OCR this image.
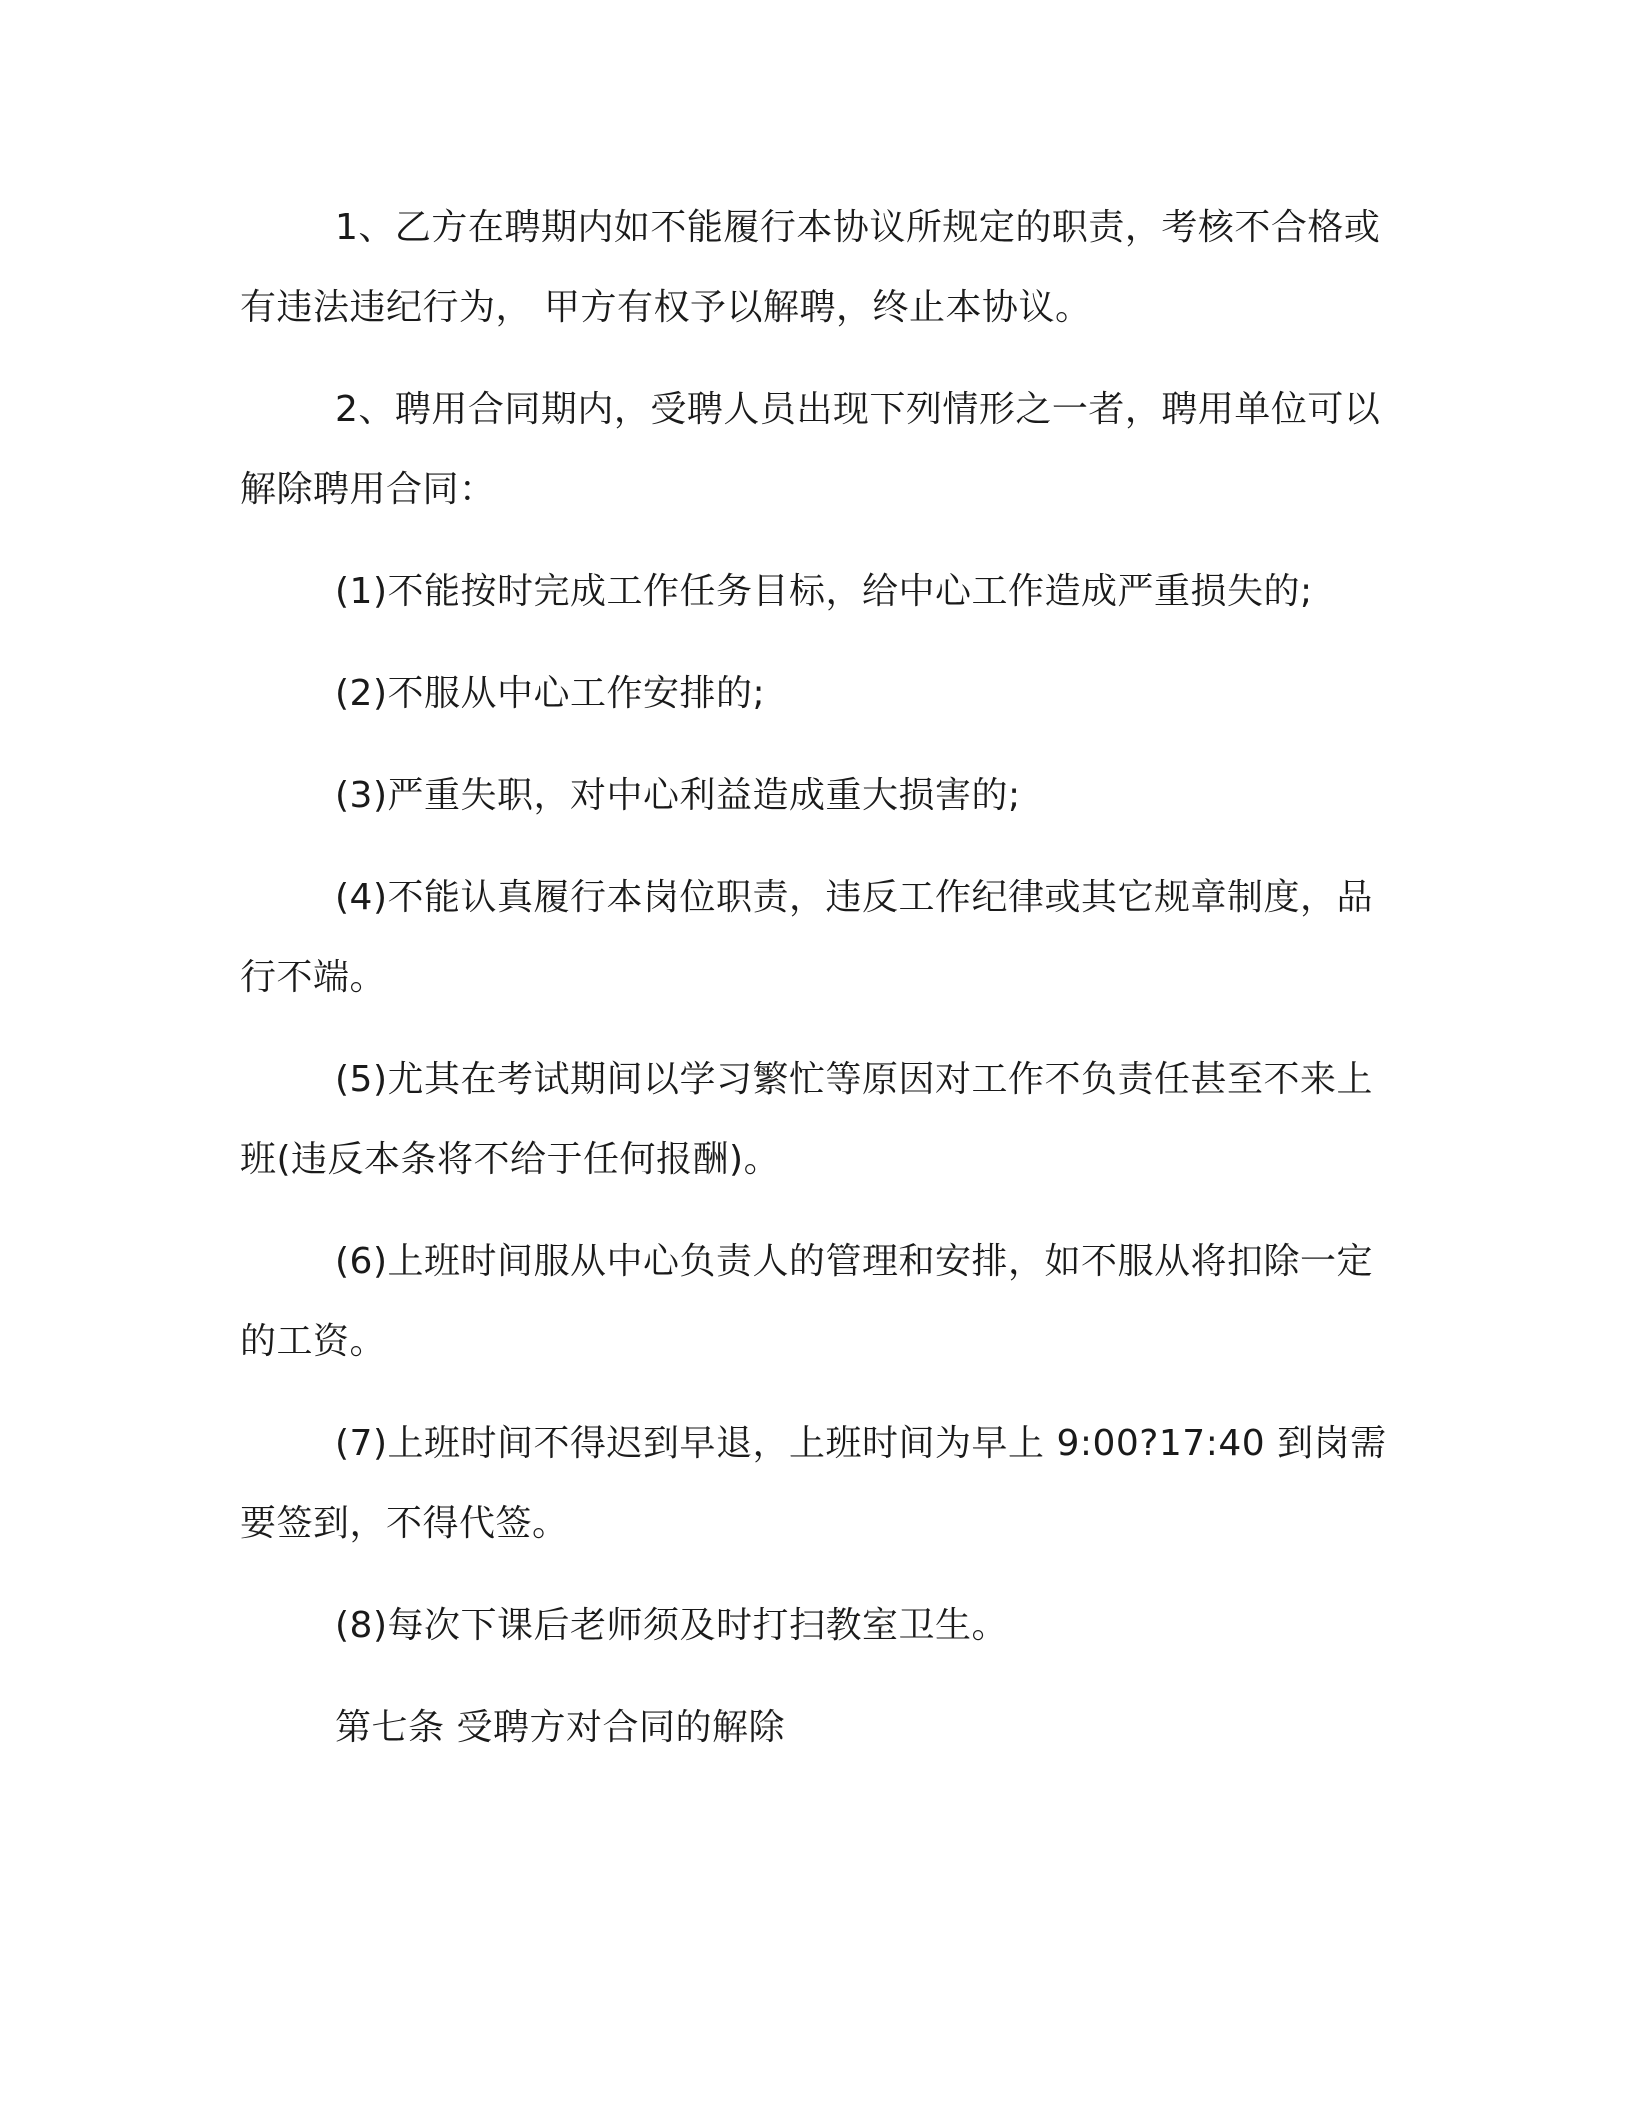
1、乙方在聘期内如不能履行本协议所规定的职责，考核不合格或有违法违纪行为， 甲方有权予以解聘，终止本协议。

2、聘用合同期内，受聘人员出现下列情形之一者，聘用单位可以解除聘用合同：

(1)不能按时完成工作任务目标，给中心工作造成严重损失的;

(2)不服从中心工作安排的;

(3)严重失职，对中心利益造成重大损害的;

(4)不能认真履行本岗位职责，违反工作纪律或其它规章制度，品行不端。

(5)尤其在考试期间以学习繁忙等原因对工作不负责任甚至不来上班(违反本条将不给于任何报酬)。

(6)上班时间服从中心负责人的管理和安排，如不服从将扣除一定的工资。

(7)上班时间不得迟到早退，上班时间为早上 9:00?17:40 到岗需要签到，不得代签。

(8)每次下课后老师须及时打扫教室卫生。

第七条 受聘方对合同的解除
